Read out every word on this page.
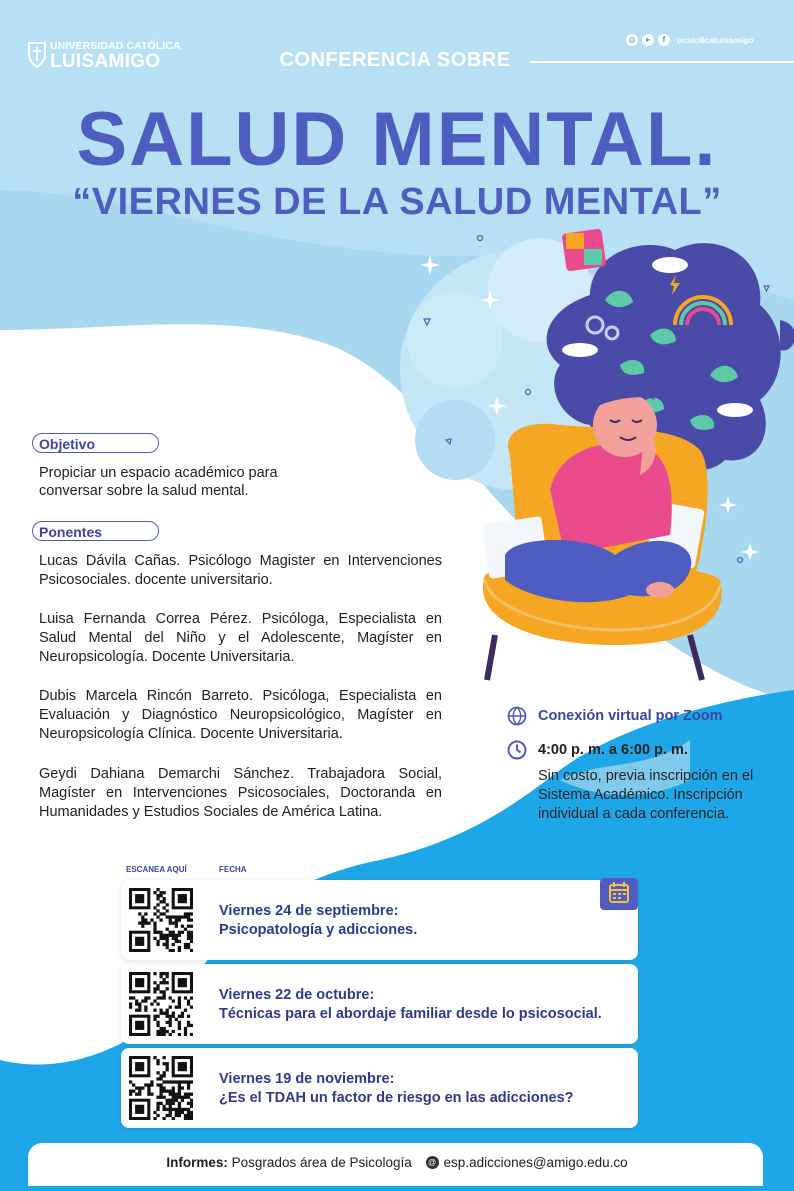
UNIVERSIDAD CATÓLICA
LUISAMIGO
◎	▸	f	ucatolicaluisamigo
CONFERENCIA SOBRE
SALUD MENTAL.
“VIERNES DE LA SALUD MENTAL”
Objetivo
Propiciar un espacio académico para conversar sobre la salud mental.
Ponentes
Lucas Dávila Cañas. Psicólogo Magister en Intervenciones Psicosociales. docente universitario.
Luisa Fernanda Correa Pérez. Psicóloga, Especialista en Salud Mental del Niño y el Adolescente, Magíster en Neuropsicología. Docente Universitaria.
Dubis Marcela Rincón Barreto. Psicóloga, Especialista en Evaluación y Diagnóstico Neuropsicológico, Magíster en Neuropsicología Clínica. Docente Universitaria.
Geydi Dahiana Demarchi Sánchez. Trabajadora Social, Magíster en Intervenciones Psicosociales, Doctoranda en Humanidades y Estudios Sociales de América Latina.
Conexión virtual por Zoom
4:00 p. m. a 6:00 p. m.
Sin costo, previa inscripción en el Sistema Académico. Inscripción individual a cada conferencia.
ESCANEA AQUÍ	FECHA
Viernes 24 de septiembre:
Psicopatología y adicciones.
Viernes 22 de octubre:
Técnicas para el abordaje familiar desde lo psicosocial.
Viernes 19 de noviembre:
¿Es el TDAH un factor de riesgo en las adicciones?
Informes: Posgrados área de Psicología @ esp.adicciones@amigo.edu.co
